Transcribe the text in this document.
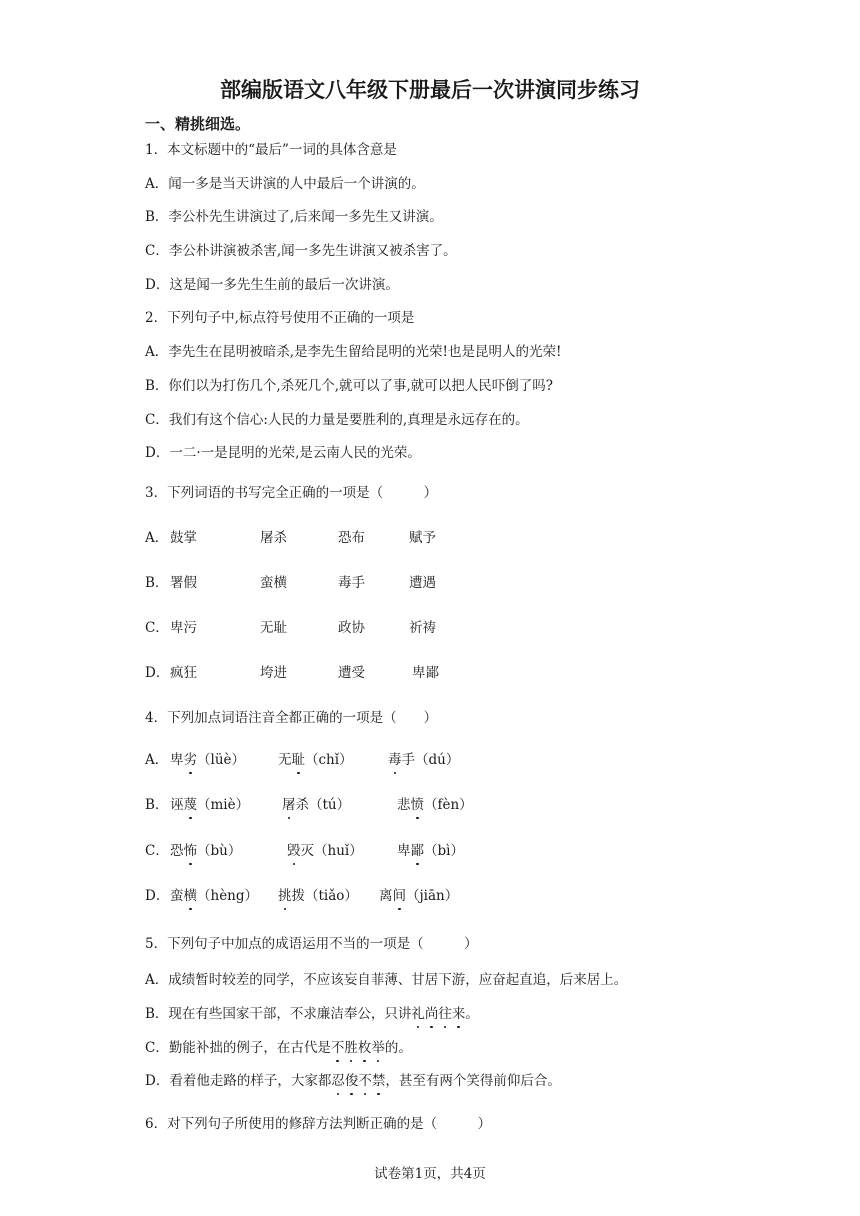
部编版语文八年级下册最后一次讲演同步练习
一、精挑细选。
1．本文标题中的“最后”一词的具体含意是
A．闻一多是当天讲演的人中最后一个讲演的。
B．李公朴先生讲演过了,后来闻一多先生又讲演。
C．李公朴讲演被杀害,闻一多先生讲演又被杀害了。
D．这是闻一多先生生前的最后一次讲演。
2．下列句子中,标点符号使用不正确的一项是
A．李先生在昆明被暗杀,是李先生留给昆明的光荣!也是昆明人的光荣!
B．你们以为打伤几个,杀死几个,就可以了事,就可以把人民吓倒了吗?
C．我们有这个信心:人民的力量是要胜利的,真理是永远存在的。
D．一二·一是昆明的光荣,是云南人民的光荣。
3．下列词语的书写完全正确的一项是（　　　）
A． 鼓掌	屠杀	恐布	赋予
B． 署假	蛮横	毒手	遭遇
C． 卑污	无耻	政协	祈祷
D． 疯狂	垮进	遭受	卑鄙
4．下列加点词语注音全都正确的一项是（　　）
A． 卑劣（lüè） 无耻（chǐ）	毒手（dú）
B． 诬蔑（miè） 屠杀（tú）	悲愤（fèn）
C． 恐怖（bù）	毁灭（huǐ）	卑鄙（bì）
D． 蛮横（hèng） 挑拨（tiǎo） 离间（jiān）
5．下列句子中加点的成语运用不当的一项是（　　　）
A．成绩暂时较差的同学，不应该妄自菲薄、甘居下游，应奋起直追，后来居上。
B．现在有些国家干部，不求廉洁奉公，只讲礼尚往来。
C．勤能补拙的例子，在古代是不胜枚举的。
D．看着他走路的样子，大家都忍俊不禁，甚至有两个笑得前仰后合。
6．对下列句子所使用的修辞方法判断正确的是（　　　）
试卷第1页，共4页
